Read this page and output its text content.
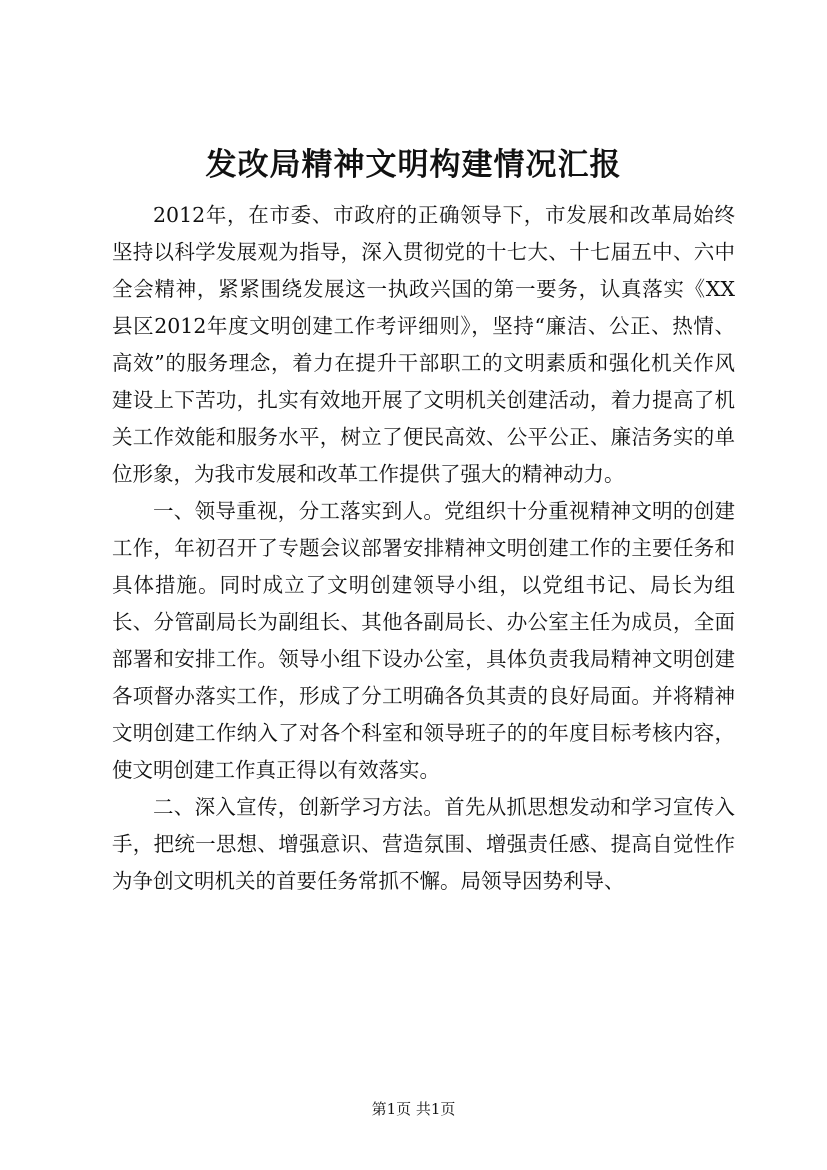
发改局精神文明构建情况汇报

2012年，在市委、市政府的正确领导下，市发展和改革局始终坚持以科学发展观为指导，深入贯彻党的十七大、十七届五中、六中全会精神，紧紧围绕发展这一执政兴国的第一要务，认真落实《XX县区2012年度文明创建工作考评细则》，坚持“廉洁、公正、热情、高效”的服务理念，着力在提升干部职工的文明素质和强化机关作风建设上下苦功，扎实有效地开展了文明机关创建活动，着力提高了机关工作效能和服务水平，树立了便民高效、公平公正、廉洁务实的单位形象，为我市发展和改革工作提供了强大的精神动力。

一、领导重视，分工落实到人。党组织十分重视精神文明的创建工作，年初召开了专题会议部署安排精神文明创建工作的主要任务和具体措施。同时成立了文明创建领导小组，以党组书记、局长为组长、分管副局长为副组长、其他各副局长、办公室主任为成员，全面部署和安排工作。领导小组下设办公室，具体负责我局精神文明创建各项督办落实工作，形成了分工明确各负其责的良好局面。并将精神文明创建工作纳入了对各个科室和领导班子的的年度目标考核内容，使文明创建工作真正得以有效落实。

二、深入宣传，创新学习方法。首先从抓思想发动和学习宣传入手，把统一思想、增强意识、营造氛围、增强责任感、提高自觉性作为争创文明机关的首要任务常抓不懈。局领导因势利导、

第1页 共1页
